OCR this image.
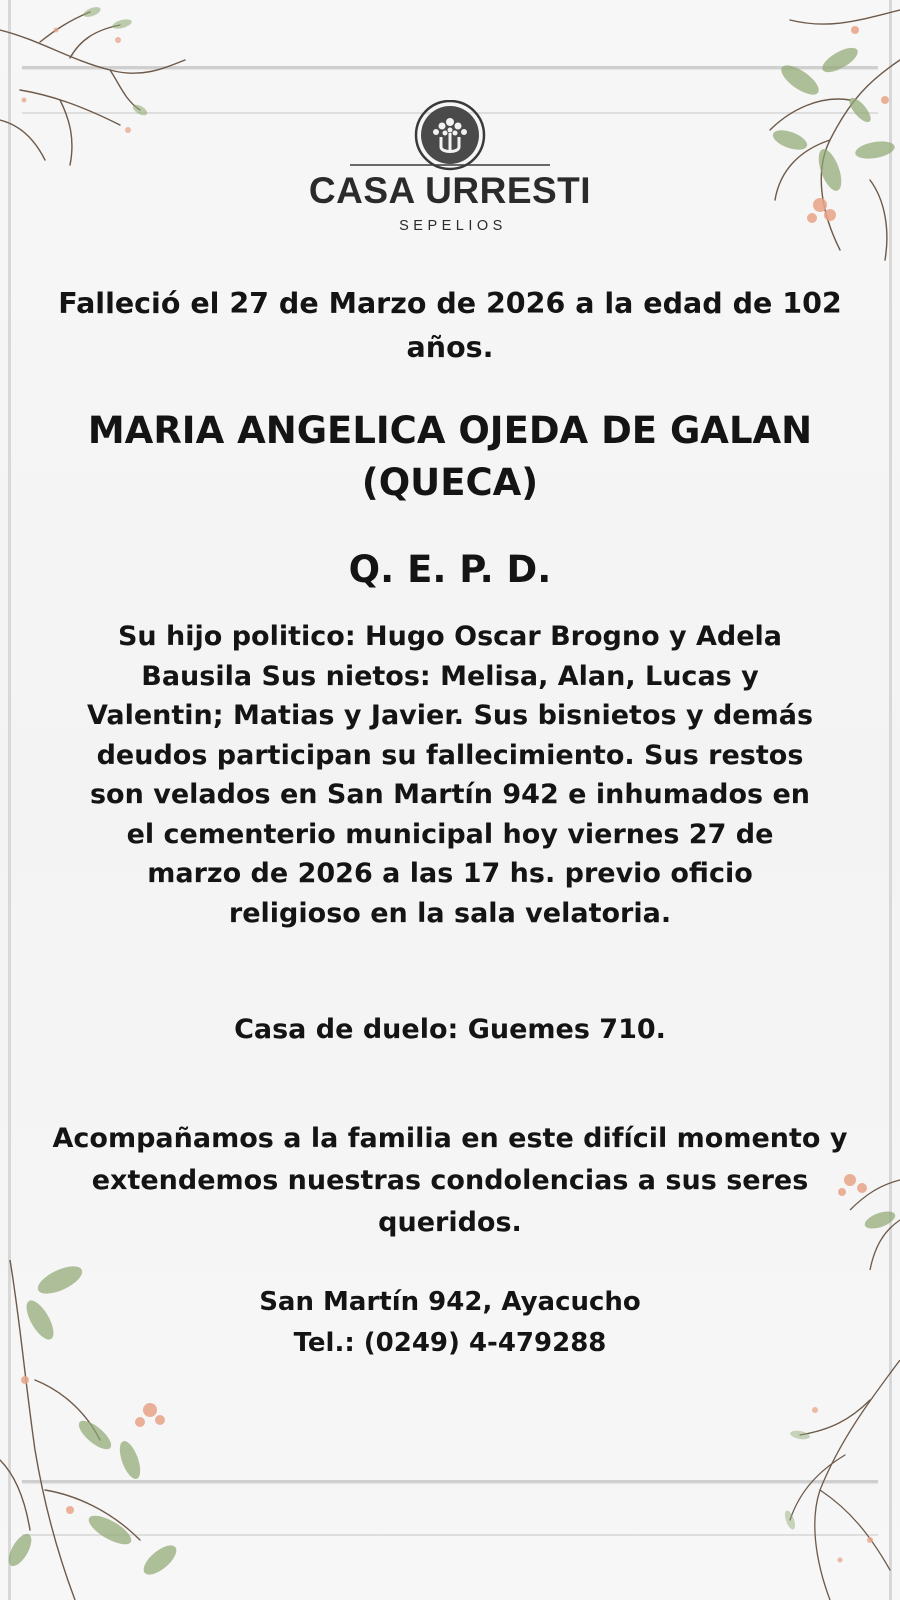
CASA URRESTI
SEPELIOS
Falleció el 27 de Marzo de 2026 a la edad de 102 años.
MARIA ANGELICA OJEDA DE GALAN (QUECA)
Q. E. P. D.
Su hijo politico: Hugo Oscar Brogno y Adela Bausila Sus nietos: Melisa, Alan, Lucas y Valentin; Matias y Javier. Sus bisnietos y demás deudos participan su fallecimiento. Sus restos son velados en San Martín 942 e inhumados en el cementerio municipal hoy viernes 27 de marzo de 2026 a las 17 hs. previo oficio religioso en la sala velatoria.
Casa de duelo: Guemes 710.
Acompañamos a la familia en este difícil momento y extendemos nuestras condolencias a sus seres queridos.
San Martín 942, Ayacucho
Tel.: (0249) 4-479288
